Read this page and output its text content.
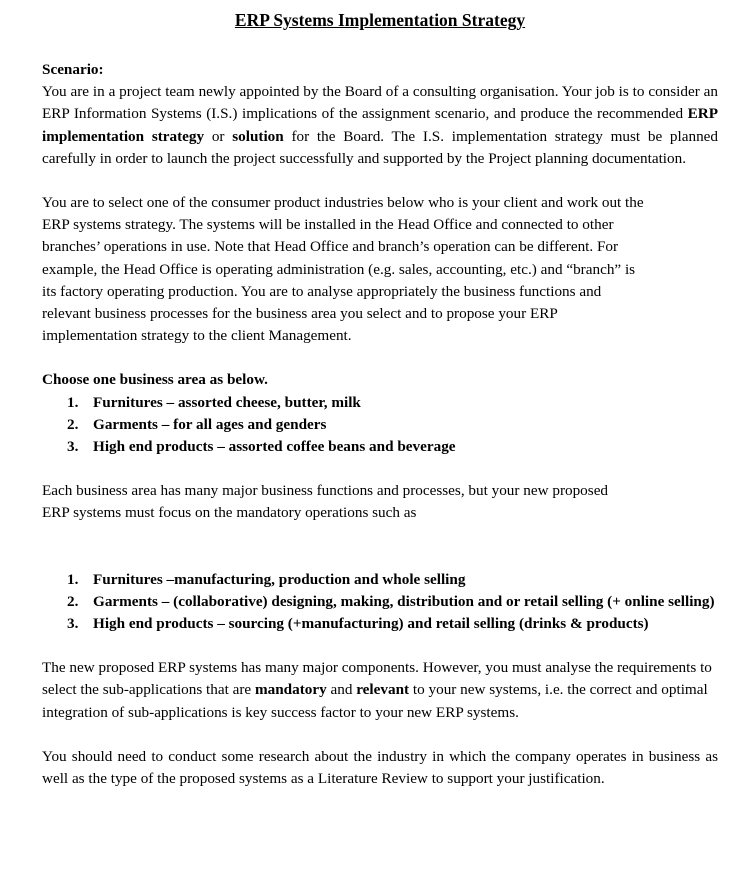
ERP Systems Implementation Strategy

Scenario:

You are in a project team newly appointed by the Board of a consulting organisation. Your job is to consider an ERP Information Systems (I.S.) implications of the assignment scenario, and produce the recommended ERP implementation strategy or solution for the Board. The I.S. implementation strategy must be planned carefully in order to launch the project successfully and supported by the Project planning documentation.

You are to select one of the consumer product industries below who is your client and work out the

ERP systems strategy. The systems will be installed in the Head Office and connected to other

branches’ operations in use. Note that Head Office and branch’s operation can be different. For

example, the Head Office is operating administration (e.g. sales, accounting, etc.) and “branch” is

its factory operating production. You are to analyse appropriately the business functions and

relevant business processes for the business area you select and to propose your ERP

implementation strategy to the client Management.

Choose one business area as below.

1. Furnitures – assorted cheese, butter, milk
2. Garments – for all ages and genders
3. High end products – assorted coffee beans and beverage

Each business area has many major business functions and processes, but your new proposed

ERP systems must focus on the mandatory operations such as

1. Furnitures –manufacturing, production and whole selling
2. Garments – (collaborative) designing, making, distribution and or retail selling (+ online selling)
3. High end products – sourcing (+manufacturing) and retail selling (drinks & products)

The new proposed ERP systems has many major components. However, you must analyse the requirements to select the sub-applications that are mandatory and relevant to your new systems, i.e. the correct and optimal integration of sub-applications is key success factor to your new ERP systems.

You should need to conduct some research about the industry in which the company operates in business as well as the type of the proposed systems as a Literature Review to support your justification.
